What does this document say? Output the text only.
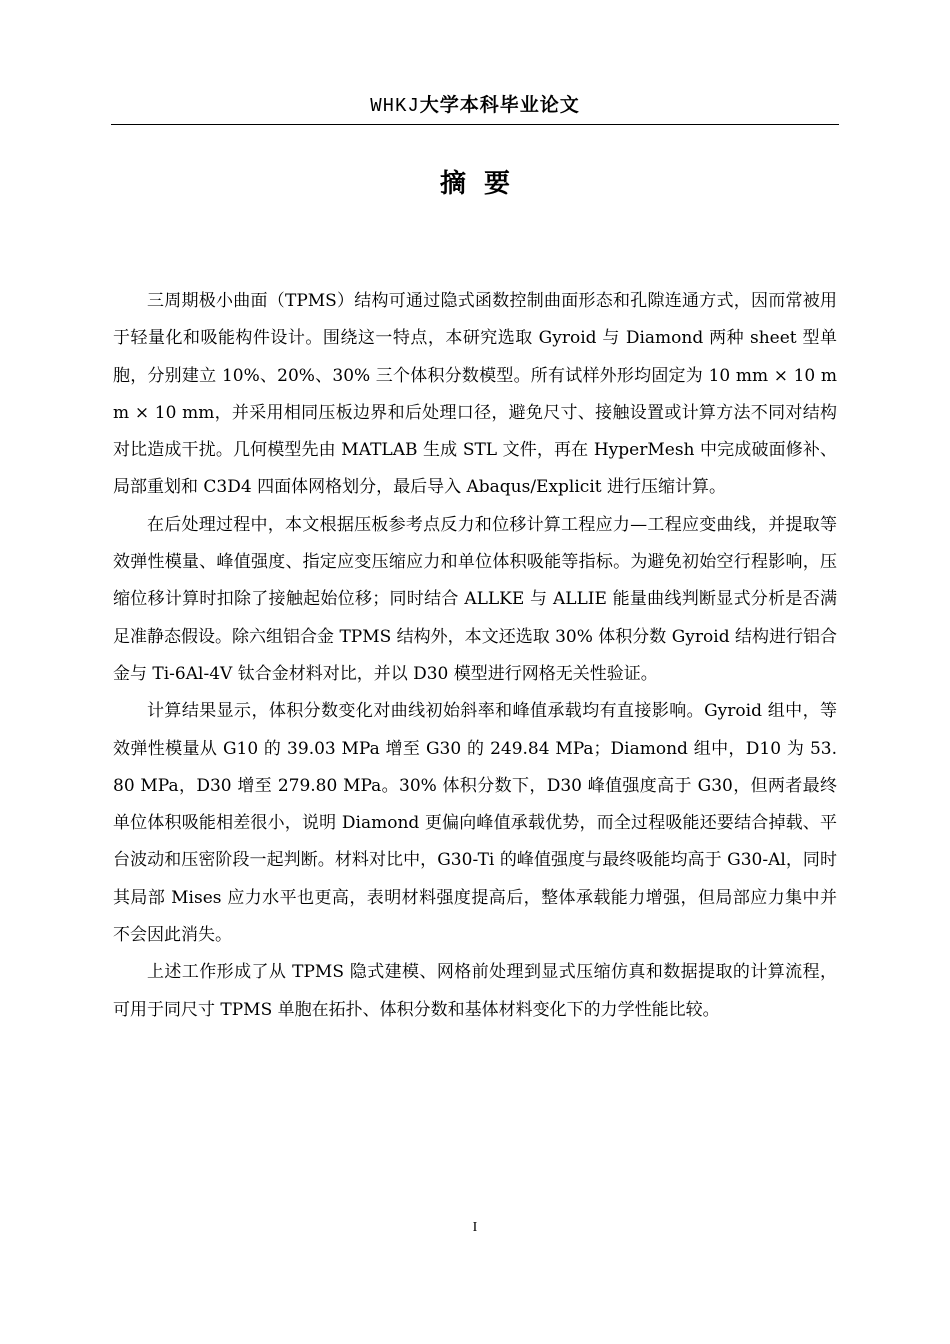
WHKJ大学本科毕业论文
摘  要

三周期极小曲面（TPMS）结构可通过隐式函数控制曲面形态和孔隙连通方式，因而常被用于轻量化和吸能构件设计。围绕这一特点，本研究选取 Gyroid 与 Diamond 两种 sheet 型单胞，分别建立 10%、20%、30% 三个体积分数模型。所有试样外形均固定为 10 mm × 10 mm × 10 mm，并采用相同压板边界和后处理口径，避免尺寸、接触设置或计算方法不同对结构对比造成干扰。几何模型先由 MATLAB 生成 STL 文件，再在 HyperMesh 中完成破面修补、局部重划和 C3D4 四面体网格划分，最后导入 Abaqus/Explicit 进行压缩计算。

在后处理过程中，本文根据压板参考点反力和位移计算工程应力—工程应变曲线，并提取等效弹性模量、峰值强度、指定应变压缩应力和单位体积吸能等指标。为避免初始空行程影响，压缩位移计算时扣除了接触起始位移；同时结合 ALLKE 与 ALLIE 能量曲线判断显式分析是否满足准静态假设。除六组铝合金 TPMS 结构外，本文还选取 30% 体积分数 Gyroid 结构进行铝合金与 Ti-6Al-4V 钛合金材料对比，并以 D30 模型进行网格无关性验证。

计算结果显示，体积分数变化对曲线初始斜率和峰值承载均有直接影响。Gyroid 组中，等效弹性模量从 G10 的 39.03 MPa 增至 G30 的 249.84 MPa；Diamond 组中，D10 为 53.80 MPa，D30 增至 279.80 MPa。30% 体积分数下，D30 峰值强度高于 G30，但两者最终单位体积吸能相差很小，说明 Diamond 更偏向峰值承载优势，而全过程吸能还要结合掉载、平台波动和压密阶段一起判断。材料对比中，G30-Ti 的峰值强度与最终吸能均高于 G30-Al，同时其局部 Mises 应力水平也更高，表明材料强度提高后，整体承载能力增强，但局部应力集中并不会因此消失。

上述工作形成了从 TPMS 隐式建模、网格前处理到显式压缩仿真和数据提取的计算流程，可用于同尺寸 TPMS 单胞在拓扑、体积分数和基体材料变化下的力学性能比较。

I
